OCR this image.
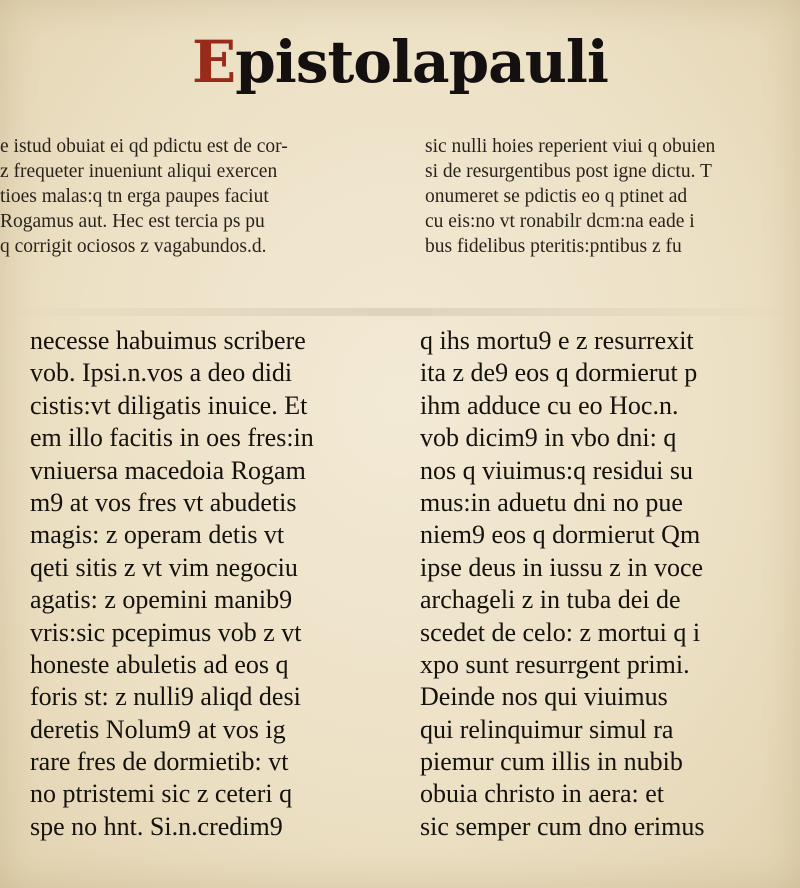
Epistolapauli
e istud obuiat ei qd pdictu est de cor-
z frequeter inueniunt aliqui exercen
tioes malas:q tn erga paupes faciut
Rogamus aut. Hec est tercia ps pu
q corrigit ociosos z vagabundos.d.
sic nulli hoies reperient viui q obuien
si de resurgentibus post igne dictu. T
onumeret se pdictis eo q ptinet ad
cu eis:no vt ronabilr dcm:na eade i
bus fidelibus pteritis:pntibus z fu
necesse habuimus scribere
vob. Ipsi.n.vos a deo didi
cistis:vt diligatis inuice. Et
em illo facitis in oes fres:in
vniuersa macedoia Rogam
m9 at vos fres vt abudetis
magis: z operam detis vt
qeti sitis z vt vim negociu
agatis: z opemini manib9
vris:sic pcepimus vob z vt
honeste abuletis ad eos q
foris st: z nulli9 aliqd desi
deretis Nolum9 at vos ig
rare fres de dormietib: vt
no ptristemi sic z ceteri q
spe no hnt. Si.n.credim9
q ihs mortu9 e z resurrexit
ita z de9 eos q dormierut p
ihm adduce cu eo Hoc.n.
vob dicim9 in vbo dni: q
nos q viuimus:q residui su
mus:in aduetu dni no pue
niem9 eos q dormierut Qm
ipse deus in iussu z in voce
archageli z in tuba dei de
scedet de celo: z mortui q i
xpo sunt resurrgent primi.
Deinde nos qui viuimus
qui relinquimur simul ra
piemur cum illis in nubib
obuia christo in aera: et
sic semper cum dno erimus
